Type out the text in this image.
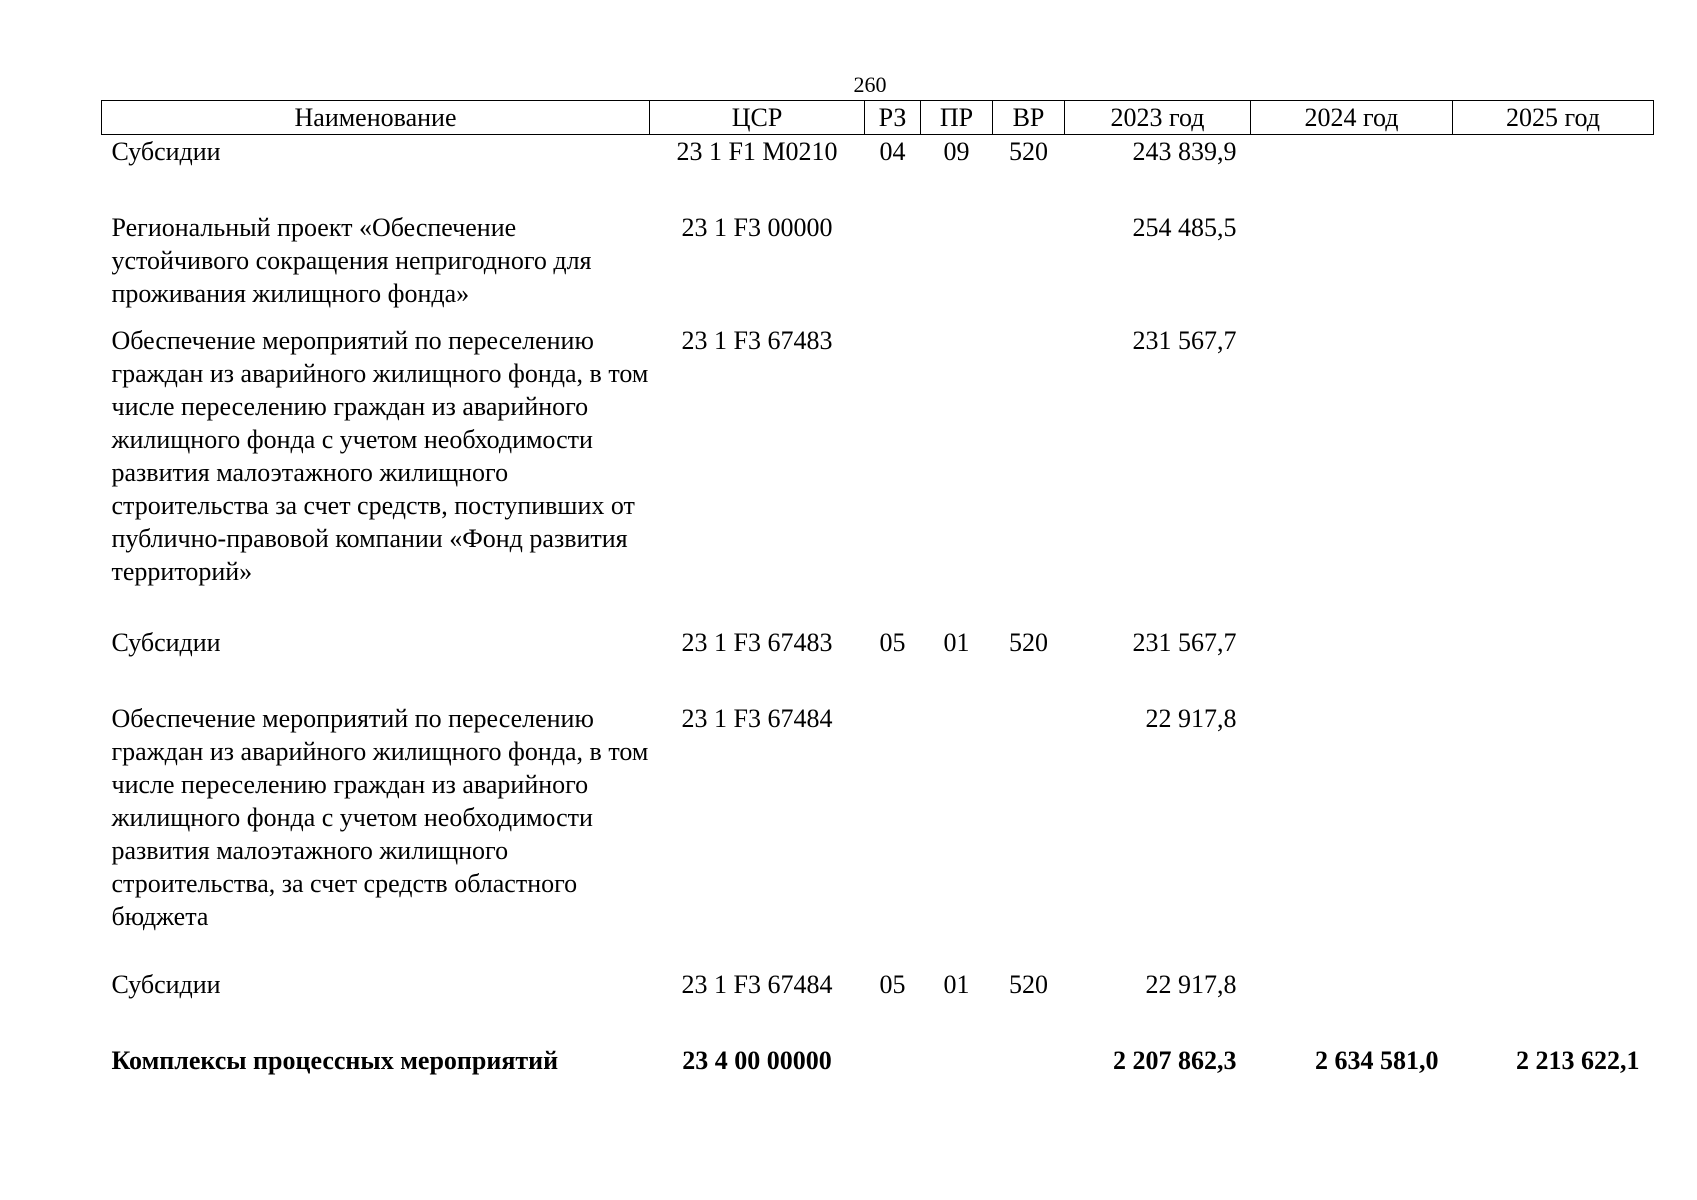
260
Наименование	ЦСР	РЗ	ПР	ВР	2023 год	2024 год	2025 год
Субсидии	23 1 F1 M0210	04	09	520	243 839,9		
Региональный проект «Обеспечение устойчивого сокращения непригодного для проживания жилищного фонда»	23 1 F3 00000				254 485,5		
Обеспечение мероприятий по переселению граждан из аварийного жилищного фонда, в том числе переселению граждан из аварийного жилищного фонда с учетом необходимости развития малоэтажного жилищного строительства за счет средств, поступивших от публично-правовой компании «Фонд развития территорий»	23 1 F3 67483				231 567,7		
Субсидии	23 1 F3 67483	05	01	520	231 567,7		
Обеспечение мероприятий по переселению граждан из аварийного жилищного фонда, в том числе переселению граждан из аварийного жилищного фонда с учетом необходимости развития малоэтажного жилищного строительства, за счет средств областного бюджета	23 1 F3 67484				22 917,8		
Субсидии	23 1 F3 67484	05	01	520	22 917,8		
Комплексы процессных мероприятий	23 4 00 00000				2 207 862,3	2 634 581,0	2 213 622,1
